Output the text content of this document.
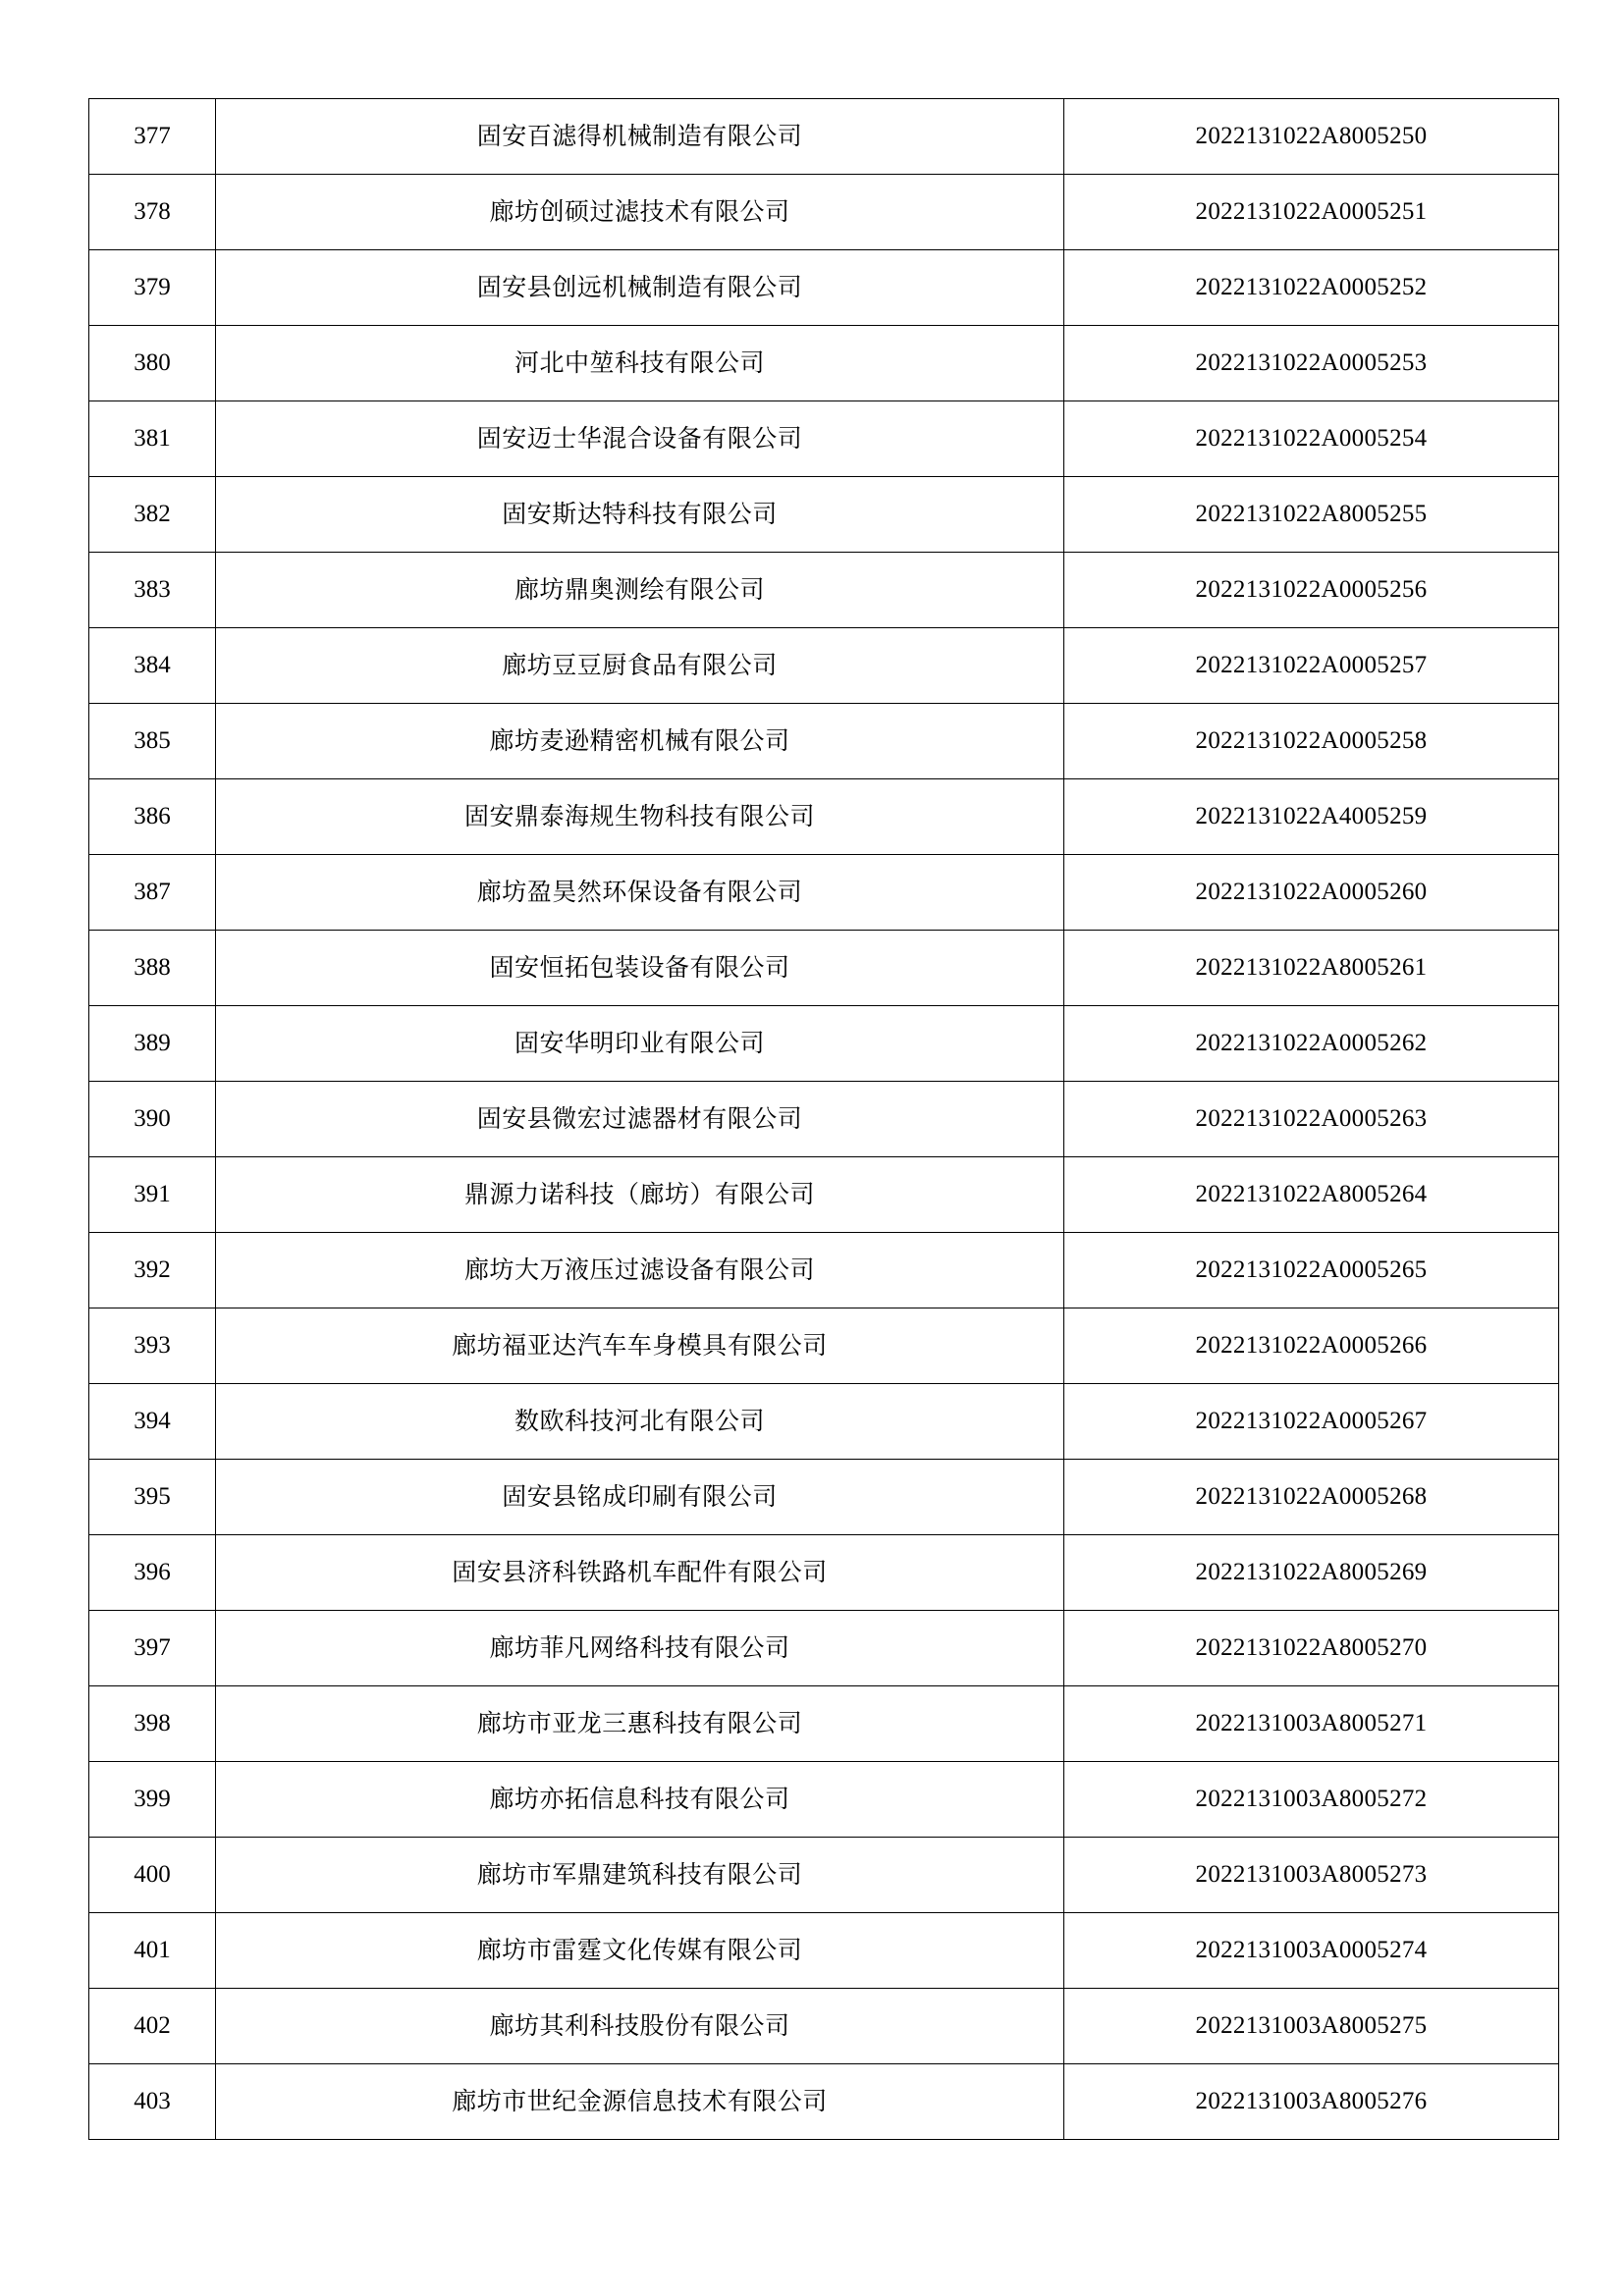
377	固安百滤得机械制造有限公司	2022131022A8005250
378	廊坊创硕过滤技术有限公司	2022131022A0005251
379	固安县创远机械制造有限公司	2022131022A0005252
380	河北中堃科技有限公司	2022131022A0005253
381	固安迈士华混合设备有限公司	2022131022A0005254
382	固安斯达特科技有限公司	2022131022A8005255
383	廊坊鼎奥测绘有限公司	2022131022A0005256
384	廊坊豆豆厨食品有限公司	2022131022A0005257
385	廊坊麦逊精密机械有限公司	2022131022A0005258
386	固安鼎泰海规生物科技有限公司	2022131022A4005259
387	廊坊盈昊然环保设备有限公司	2022131022A0005260
388	固安恒拓包装设备有限公司	2022131022A8005261
389	固安华明印业有限公司	2022131022A0005262
390	固安县微宏过滤器材有限公司	2022131022A0005263
391	鼎源力诺科技（廊坊）有限公司	2022131022A8005264
392	廊坊大万液压过滤设备有限公司	2022131022A0005265
393	廊坊福亚达汽车车身模具有限公司	2022131022A0005266
394	数欧科技河北有限公司	2022131022A0005267
395	固安县铭成印刷有限公司	2022131022A0005268
396	固安县济科铁路机车配件有限公司	2022131022A8005269
397	廊坊菲凡网络科技有限公司	2022131022A8005270
398	廊坊市亚龙三惠科技有限公司	2022131003A8005271
399	廊坊亦拓信息科技有限公司	2022131003A8005272
400	廊坊市军鼎建筑科技有限公司	2022131003A8005273
401	廊坊市雷霆文化传媒有限公司	2022131003A0005274
402	廊坊其利科技股份有限公司	2022131003A8005275
403	廊坊市世纪金源信息技术有限公司	2022131003A8005276
